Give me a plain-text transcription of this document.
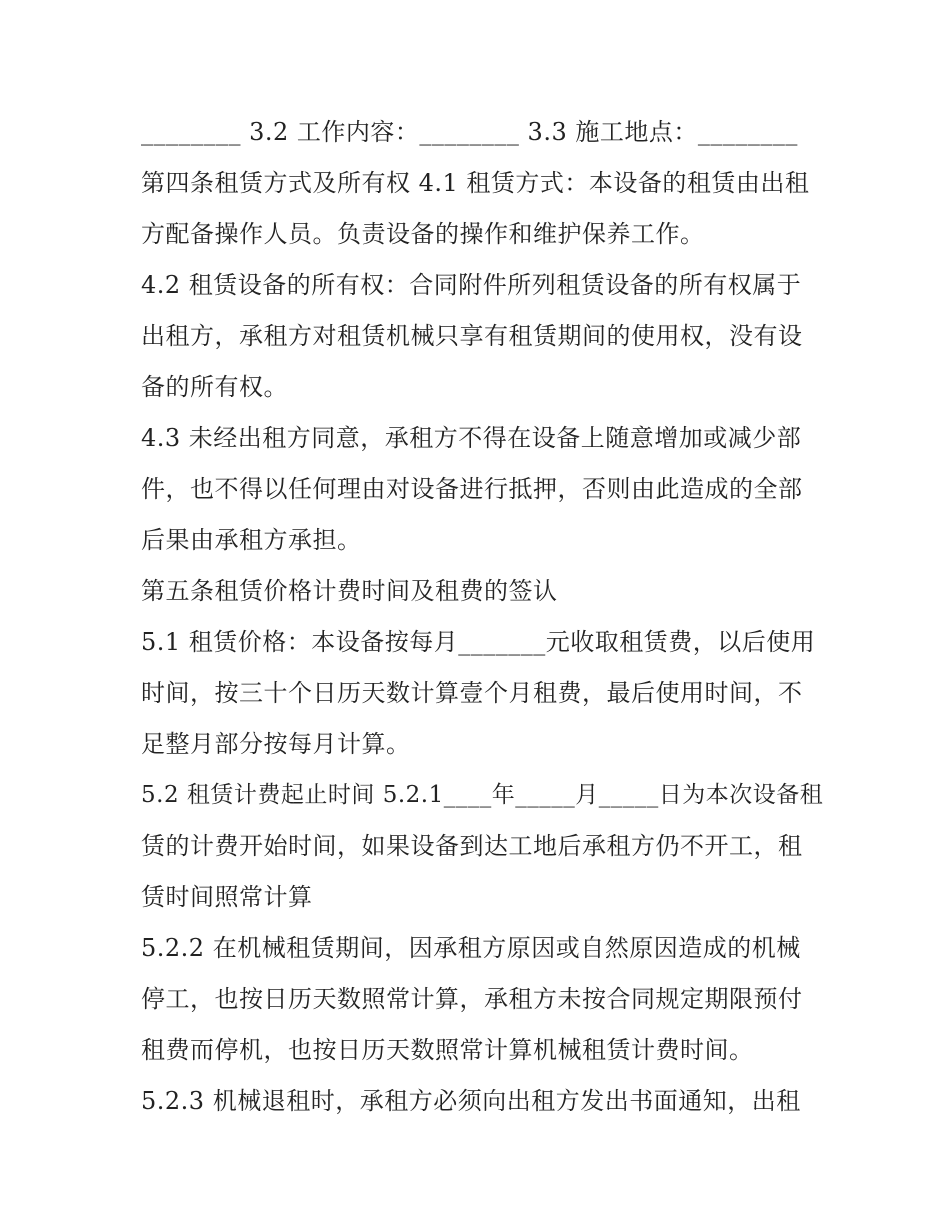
________ 3.2 工作内容：________ 3.3 施工地点：________
第四条租赁方式及所有权 4.1 租赁方式：本设备的租赁由出租
方配备操作人员。负责设备的操作和维护保养工作。
4.2 租赁设备的所有权：合同附件所列租赁设备的所有权属于
出租方，承租方对租赁机械只享有租赁期间的使用权，没有设
备的所有权。
4.3 未经出租方同意，承租方不得在设备上随意增加或减少部
件，也不得以任何理由对设备进行抵押，否则由此造成的全部
后果由承租方承担。
第五条租赁价格计费时间及租费的签认
5.1 租赁价格：本设备按每月_______元收取租赁费，以后使用
时间，按三十个日历天数计算壹个月租费，最后使用时间，不
足整月部分按每月计算。
5.2 租赁计费起止时间 5.2.1____年_____月_____日为本次设备租
赁的计费开始时间，如果设备到达工地后承租方仍不开工，租
赁时间照常计算
5.2.2 在机械租赁期间，因承租方原因或自然原因造成的机械
停工，也按日历天数照常计算，承租方未按合同规定期限预付
租费而停机，也按日历天数照常计算机械租赁计费时间。
5.2.3 机械退租时，承租方必须向出租方发出书面通知，出租
